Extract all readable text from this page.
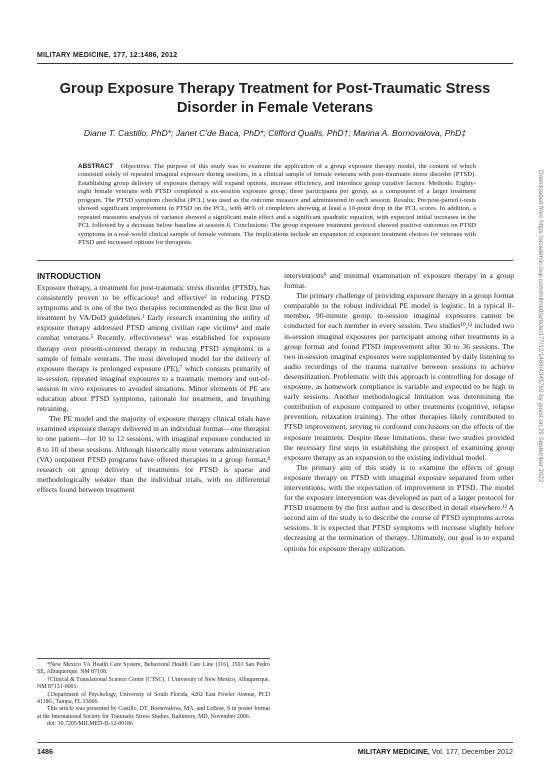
MILITARY MEDICINE, 177, 12:1486, 2012
Group Exposure Therapy Treatment for Post-Traumatic Stress Disorder in Female Veterans
Diane T. Castillo, PhD*; Janet C'de Baca, PhD*; Clifford Qualls, PhD†; Marina A. Bornovalova, PhD‡
ABSTRACT Objectives: The purpose of this study was to examine the application of a group exposure therapy model, the content of which consisted solely of repeated imaginal exposure during sessions, in a clinical sample of female veterans with post-traumatic stress disorder (PTSD). Establishing group delivery of exposure therapy will expand options, increase efficiency, and introduce group curative factors. Methods: Eighty-eight female veterans with PTSD completed a six-session exposure group, three participants per group, as a component of a larger treatment program. The PTSD symptom checklist (PCL) was used as the outcome measure and administered in each session. Results: Pre/post-paired t-tests showed significant improvement in PTSD on the PCL, with 40% of completers showing at least a 10-point drop in the PCL scores. In addition, a repeated measures analysis of variance showed a significant main effect and a significant quadratic equation, with expected initial increases in the PCL followed by a decrease below baseline at session 6. Conclusions: The group exposure treatment protocol showed positive outcomes on PTSD symptoms in a real-world clinical sample of female veterans. The implications include an expansion of exposure treatment choices for veterans with PTSD and increased options for therapists.	Downloaded from https://academic.oup.com/milmed/article/177/12/1486/4345766 by guest on 29 September 2022
INTRODUCTION

Exposure therapy, a treatment for post-traumatic stress disorder (PTSD), has consistently proven to be efficacious¹ and effective² in reducing PTSD symptoms and is one of the two therapies recommended as the first line of treatment by VA/DoD guidelines.³ Early research examining the utility of exposure therapy addressed PTSD among civilian rape victims⁴ and male combat veterans.⁵ Recently, effectiveness⁶ was established for exposure therapy over present-centered therapy in reducing PTSD symptoms in a sample of female veterans. The most developed model for the delivery of exposure therapy is prolonged exposure (PE),⁷ which consists primarily of in-session, repeated imaginal exposures to a traumatic memory and out-of-session in vivo exposures to avoided situations. Minor elements of PE are education about PTSD symptoms, rationale for treatment, and breathing retraining.

The PE model and the majority of exposure therapy clinical trials have examined exposure therapy delivered in an individual format—one therapist to one patient—for 10 to 12 sessions, with imaginal exposure conducted in 8 to 10 of these sessions. Although historically most veterans administration (VA) outpatient PTSD programs have offered therapies in a group format,⁸ research on group delivery of treatments for PTSD is sparse and methodologically weaker than the individual trials, with no differential effects found between treatment

interventions⁹ and minimal examination of exposure therapy in a group format.

The primary challenge of providing exposure therapy in a group format comparable to the robust individual PE model is logistic. In a typical 8-member, 90-minute group, in-session imaginal exposures cannot be conducted for each member in every session. Two studies¹⁰,¹¹ included two in-session imaginal exposures per participant among other treatments in a group format and found PTSD improvement after 30 to 36 sessions. The two in-session imaginal exposures were supplemented by daily listening to audio recordings of the trauma narrative between sessions to achieve desensitization. Problematic with this approach is controlling for dosage of exposure, as homework compliance is variable and expected to be high in early sessions. Another methodological limitation was determining the contribution of exposure compared to other treatments (cognitive, relapse prevention, relaxation training). The other therapies likely contributed to PTSD improvement, serving to confound conclusions on the effects of the exposure treatment. Despite these limitations, these two studies provided the necessary first steps in establishing the prospect of examining group exposure therapy as an expansion to the existing individual model.

The primary aim of this study is to examine the effects of group exposure therapy on PTSD with imaginal exposure separated from other interventions, with the expectation of improvement in PTSD. The model for the exposure intervention was developed as part of a larger protocol for PTSD treatment by the first author and is described in detail elsewhere.¹² A second aim of the study is to describe the course of PTSD symptoms across sessions. It is expected that PTSD symptoms will increase slightly before decreasing at the termination of therapy. Ultimately, our goal is to expand options for exposure therapy utilization.

*New Mexico VA Health Care System, Behavioral Health Care Line (116), 1501 San Pedro SE, Albuquerque, NM 87108.

†Clinical & Translational Science Center (CTSC), 1 University of New Mexico, Albuquerque, NM 87131-0001.

‡Department of Psychology, University of South Florida, 4202 East Fowler Avenue, PCD 4118G, Tampa, FL 33606.

This article was presented by Castillo, DT, Bornovalova, MA, and LeBow, S in poster format at the International Society for Traumatic Stress Studies, Baltimore, MD, November 2006.

doi: 10.7205/MILMED-D-12-00186

1486	MILITARY MEDICINE, Vol. 177, December 2012
